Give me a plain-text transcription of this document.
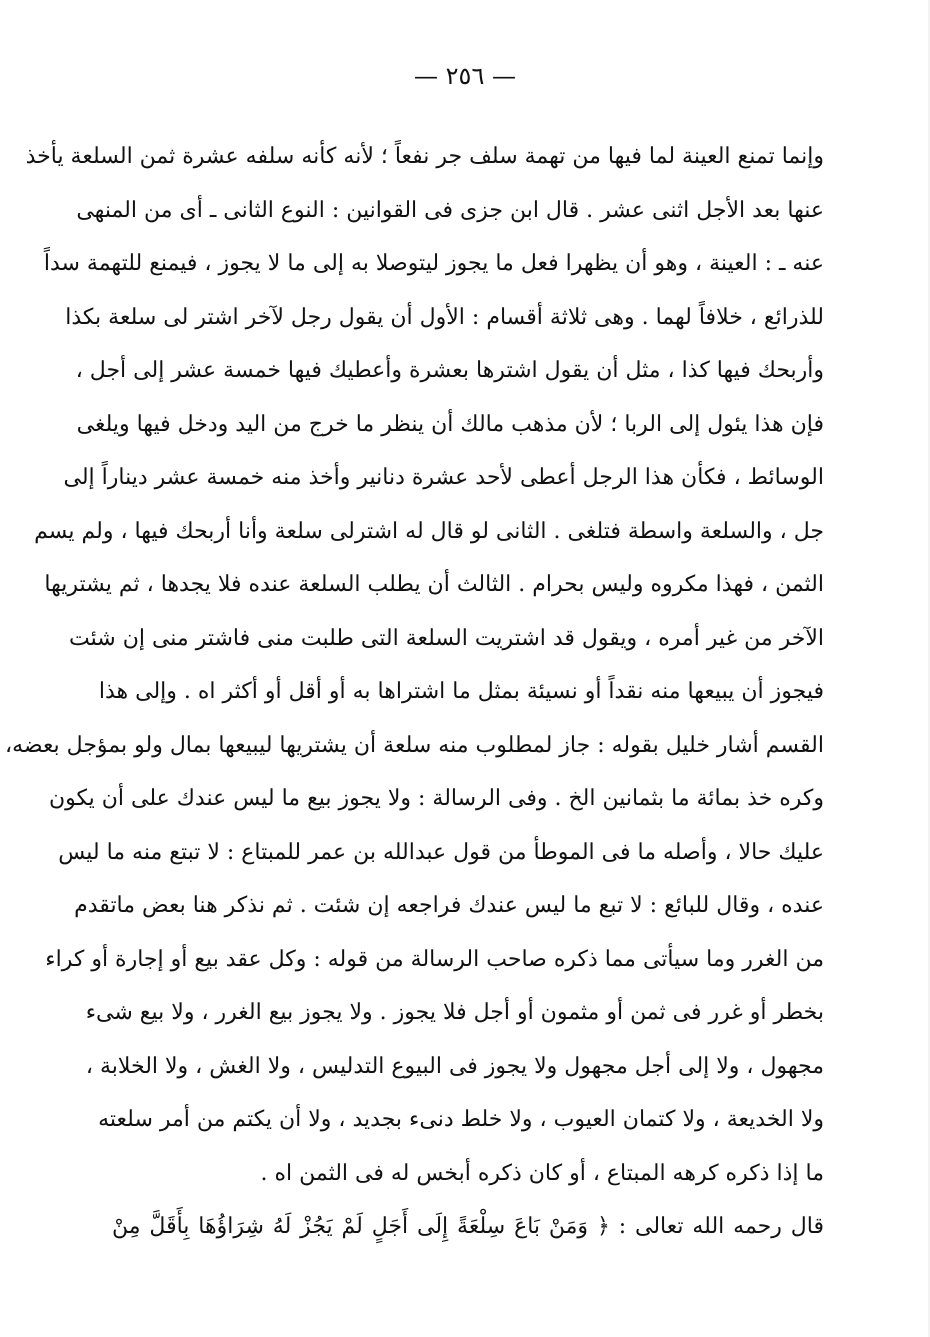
— ٢٥٦ —
وإنما تمنع العينة لما فيها من تهمة سلف جر نفعاً ؛ لأنه كأنه سلفه عشرة ثمن السلعة يأخذ
عنها بعد الأجل اثنى عشر . قال ابن جزى فى القوانين : النوع الثانى ـ أى من المنهى
عنه ـ : العينة ، وهو أن يظهرا فعل ما يجوز ليتوصلا به إلى ما لا يجوز ، فيمنع للتهمة سداً
للذرائع ، خلافاً لهما . وهى ثلاثة أقسام : الأول أن يقول رجل لآخر اشتر لى سلعة بكذا
وأربحك فيها كذا ، مثل أن يقول اشترها بعشرة وأعطيك فيها خمسة عشر إلى أجل ،
فإن هذا يئول إلى الربا ؛ لأن مذهب مالك أن ينظر ما خرج من اليد ودخل فيها ويلغى
الوسائط ، فكأن هذا الرجل أعطى لأحد عشرة دنانير وأخذ منه خمسة عشر ديناراً إلى
جل ، والسلعة واسطة فتلغى . الثانى لو قال له اشترلى سلعة وأنا أربحك فيها ، ولم يسم
الثمن ، فهذا مكروه وليس بحرام . الثالث أن يطلب السلعة عنده فلا يجدها ، ثم يشتريها
الآخر من غير أمره ، ويقول قد اشتريت السلعة التى طلبت منى فاشتر منى إن شئت
فيجوز أن يبيعها منه نقداً أو نسيئة بمثل ما اشتراها به أو أقل أو أكثر اه . وإلى هذا
القسم أشار خليل بقوله : جاز لمطلوب منه سلعة أن يشتريها ليبيعها بمال ولو بمؤجل بعضه،
وكره خذ بمائة ما بثمانين الخ . وفى الرسالة : ولا يجوز بيع ما ليس عندك على أن يكون
عليك حالا ، وأصله ما فى الموطأ من قول عبدالله بن عمر للمبتاع : لا تبتع منه ما ليس
عنده ، وقال للبائع : لا تبع ما ليس عندك فراجعه إن شئت . ثم نذكر هنا بعض ماتقدم
من الغرر وما سيأتى مما ذكره صاحب الرسالة من قوله : وكل عقد بيع أو إجارة أو كراء
بخطر أو غرر فى ثمن أو مثمون أو أجل فلا يجوز . ولا يجوز بيع الغرر ، ولا بيع شىء
مجهول ، ولا إلى أجل مجهول ولا يجوز فى البيوع التدليس ، ولا الغش ، ولا الخلابة ،
ولا الخديعة ، ولا كتمان العيوب ، ولا خلط دنىء بجديد ، ولا أن يكتم من أمر سلعته
ما إذا ذكره كرهه المبتاع ، أو كان ذكره أبخس له فى الثمن اه .
قال رحمه الله تعالى : ﴿ وَمَنْ بَاعَ سِلْعَةً إِلَى أَجَلٍ لَمْ يَجُزْ لَهُ شِرَاؤُهَا بِأَقَلَّ مِنْ
